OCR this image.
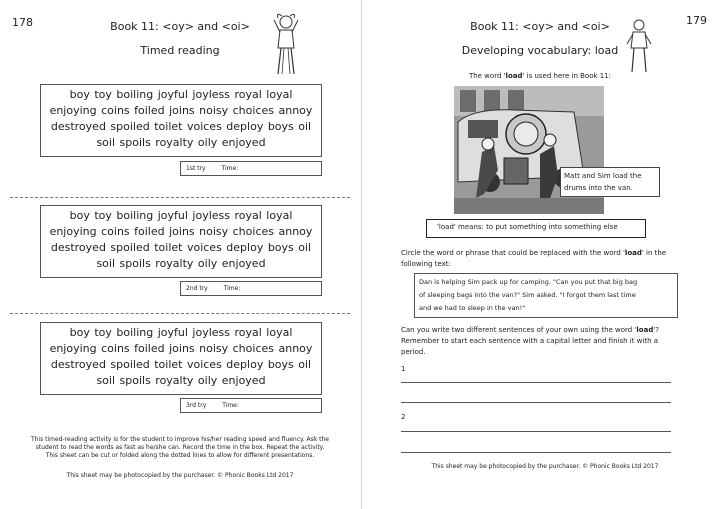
178	Book 11: <oy> and <oi>
Timed reading
boy toy boiling joyful joyless royal loyal
enjoying coins foiled joins noisy choices annoy
destroyed spoiled toilet voices deploy boys oil
soil spoils royalty oily enjoyed
1st try	Time:
boy toy boiling joyful joyless royal loyal
enjoying coins foiled joins noisy choices annoy
destroyed spoiled toilet voices deploy boys oil
soil spoils royalty oily enjoyed
2nd try	Time:
boy toy boiling joyful joyless royal loyal
enjoying coins foiled joins noisy choices annoy
destroyed spoiled toilet voices deploy boys oil
soil spoils royalty oily enjoyed
3rd try	Time:
This timed-reading activity is for the student to improve his/her reading speed and fluency. Ask the
student to read the words as fast as he/she can. Record the time in the box. Repeat the activity.
This sheet can be cut or folded along the dotted lines to allow for different presentations.
This sheet may be photocopied by the purchaser. © Phonic Books Ltd 2017
179
Book 11: <oy> and <oi>
Developing vocabulary: load
The word 'load' is used here in Book 11:
Matt and Sim load the
drums into the van.
'load' means: to put something into something else
Circle the word or phrase that could be replaced with the word 'load' in the
following text:
Dan is helping Sim pack up for camping. "Can you put that big bag
of sleeping bags into the van?" Sim asked. "I forgot them last time
and we had to sleep in the van!"
Can you write two different sentences of your own using the word 'load'?
Remember to start each sentence with a capital letter and finish it with a
period.
1
2
This sheet may be photocopied by the purchaser. © Phonic Books Ltd 2017
